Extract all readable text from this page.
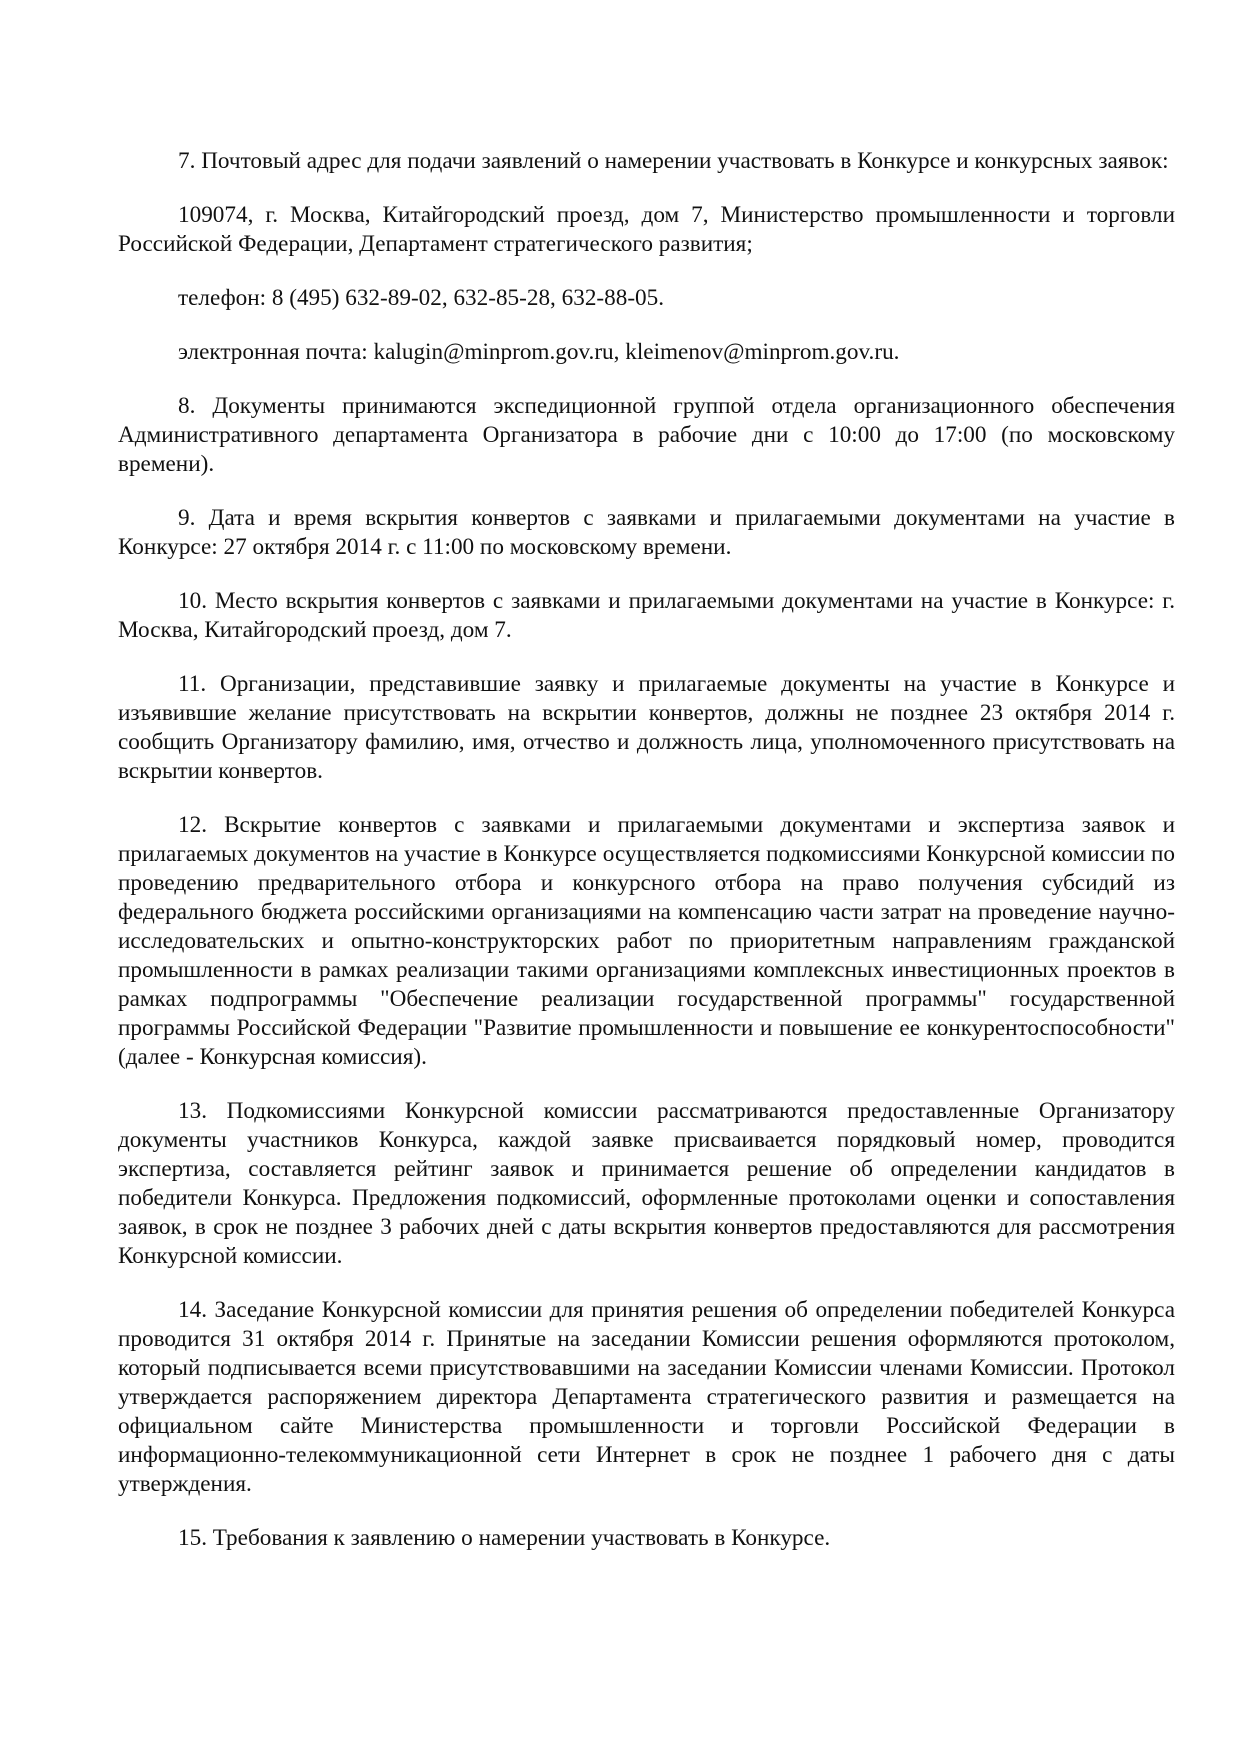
7. Почтовый адрес для подачи заявлений о намерении участвовать в Конкурсе и конкурсных заявок:

109074, г. Москва, Китайгородский проезд, дом 7, Министерство промышленности и торговли Российской Федерации, Департамент стратегического развития;

телефон: 8 (495) 632-89-02, 632-85-28, 632-88-05.

электронная почта: kalugin@minprom.gov.ru, kleimenov@minprom.gov.ru.

8. Документы принимаются экспедиционной группой отдела организационного обеспечения Административного департамента Организатора в рабочие дни с 10:00 до 17:00 (по московскому времени).

9. Дата и время вскрытия конвертов с заявками и прилагаемыми документами на участие в Конкурсе: 27 октября 2014 г. с 11:00 по московскому времени.

10. Место вскрытия конвертов с заявками и прилагаемыми документами на участие в Конкурсе: г. Москва, Китайгородский проезд, дом 7.

11. Организации, представившие заявку и прилагаемые документы на участие в Конкурсе и изъявившие желание присутствовать на вскрытии конвертов, должны не позднее 23 октября 2014 г. сообщить Организатору фамилию, имя, отчество и должность лица, уполномоченного присутствовать на вскрытии конвертов.

12. Вскрытие конвертов с заявками и прилагаемыми документами и экспертиза заявок и прилагаемых документов на участие в Конкурсе осуществляется подкомиссиями Конкурсной комиссии по проведению предварительного отбора и конкурсного отбора на право получения субсидий из федерального бюджета российскими организациями на компенсацию части затрат на проведение научно-исследовательских и опытно-конструкторских работ по приоритетным направлениям гражданской промышленности в рамках реализации такими организациями комплексных инвестиционных проектов в рамках подпрограммы "Обеспечение реализации государственной программы" государственной программы Российской Федерации "Развитие промышленности и повышение ее конкурентоспособности" (далее - Конкурсная комиссия).

13. Подкомиссиями Конкурсной комиссии рассматриваются предоставленные Организатору документы участников Конкурса, каждой заявке присваивается порядковый номер, проводится экспертиза, составляется рейтинг заявок и принимается решение об определении кандидатов в победители Конкурса. Предложения подкомиссий, оформленные протоколами оценки и сопоставления заявок, в срок не позднее 3 рабочих дней с даты вскрытия конвертов предоставляются для рассмотрения Конкурсной комиссии.

14. Заседание Конкурсной комиссии для принятия решения об определении победителей Конкурса проводится 31 октября 2014 г. Принятые на заседании Комиссии решения оформляются протоколом, который подписывается всеми присутствовавшими на заседании Комиссии членами Комиссии. Протокол утверждается распоряжением директора Департамента стратегического развития и размещается на официальном сайте Министерства промышленности и торговли Российской Федерации в информационно-телекоммуникационной сети Интернет в срок не позднее 1 рабочего дня с даты утверждения.

15. Требования к заявлению о намерении участвовать в Конкурсе.
